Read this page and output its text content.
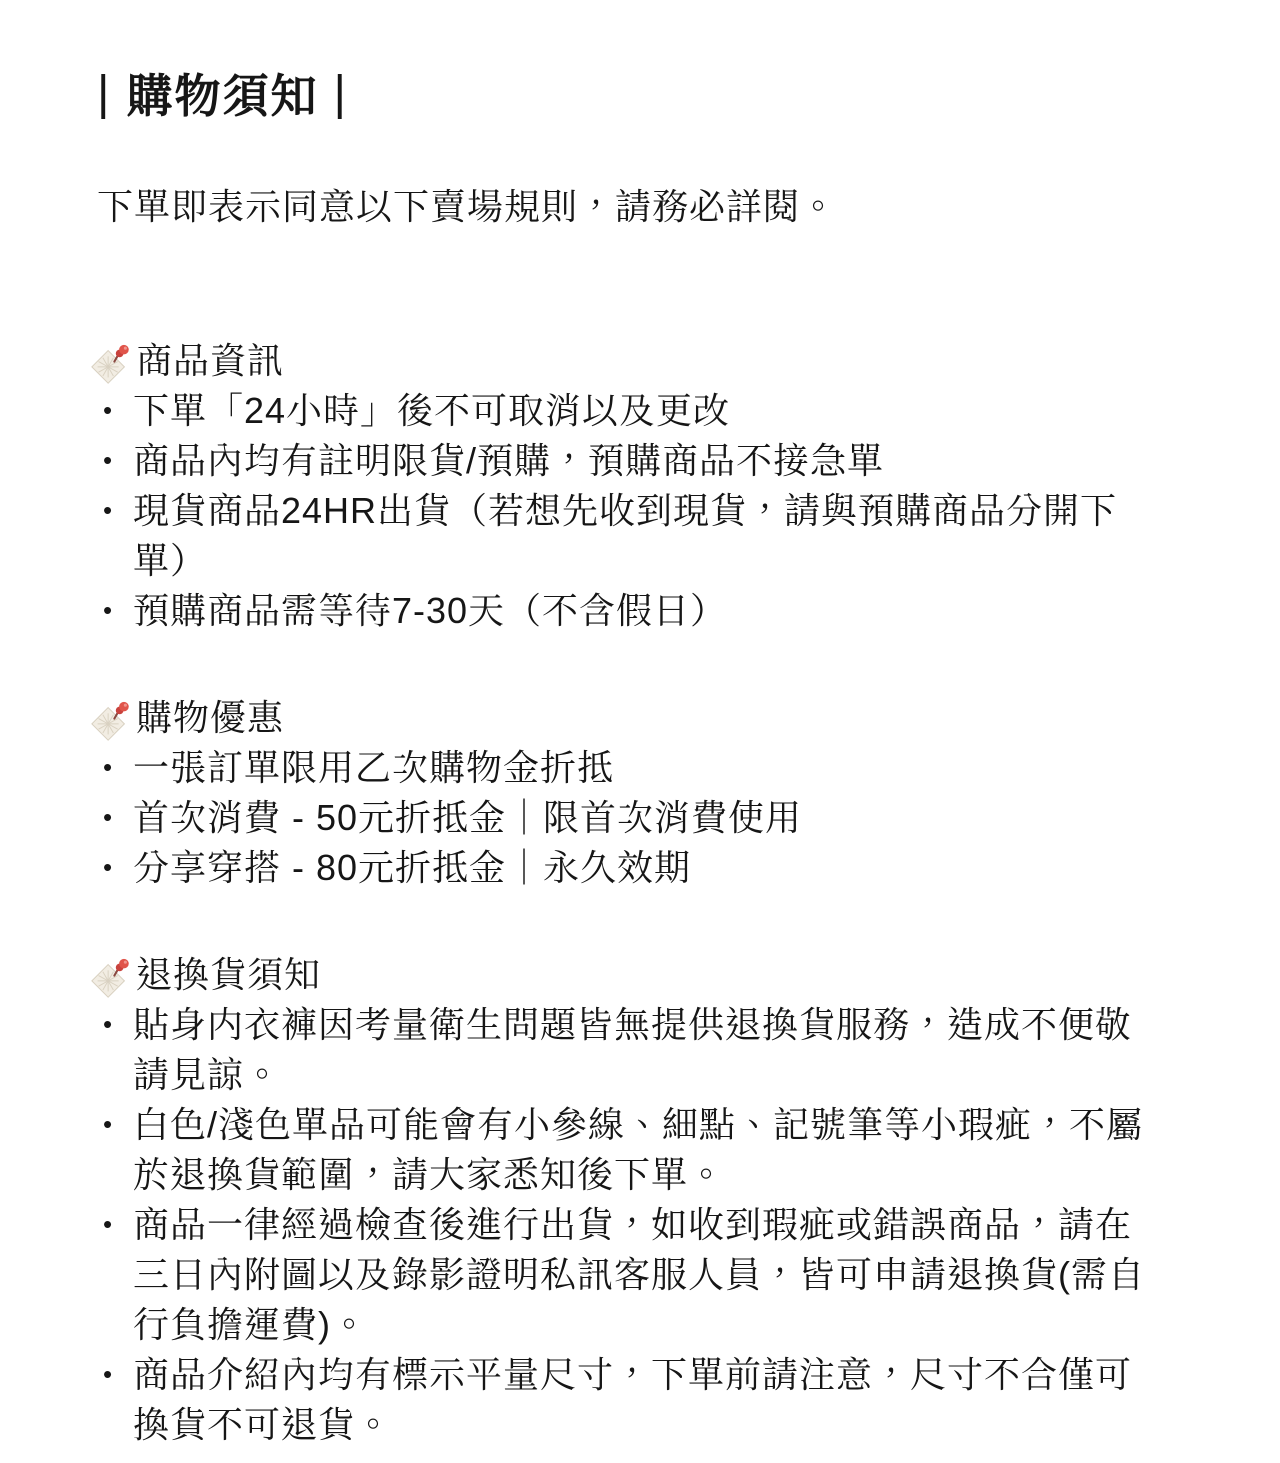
| 購物須知 |

下單即表示同意以下賣場規則，請務必詳閱。

商品資訊
• 下單「24小時」後不可取消以及更改
• 商品內均有註明限貨/預購，預購商品不接急單
• 現貨商品24HR出貨（若想先收到現貨，請與預購商品分開下單）
• 預購商品需等待7-30天（不含假日）
購物優惠
• 一張訂單限用乙次購物金折抵
• 首次消費 - 50元折抵金｜限首次消費使用
• 分享穿搭 - 80元折抵金｜永久效期
退換貨須知
• 貼身内衣褲因考量衛生問題皆無提供退換貨服務，造成不便敬請見諒。
• 白色/淺色單品可能會有小參線、細點、記號筆等小瑕疵，不屬於退換貨範圍，請大家悉知後下單。
• 商品一律經過檢查後進行出貨，如收到瑕疵或錯誤商品，請在三日內附圖以及錄影證明私訊客服人員，皆可申請退換貨(需自行負擔運費)。
• 商品介紹內均有標示平量尺寸，下單前請注意，尺寸不合僅可換貨不可退貨。
